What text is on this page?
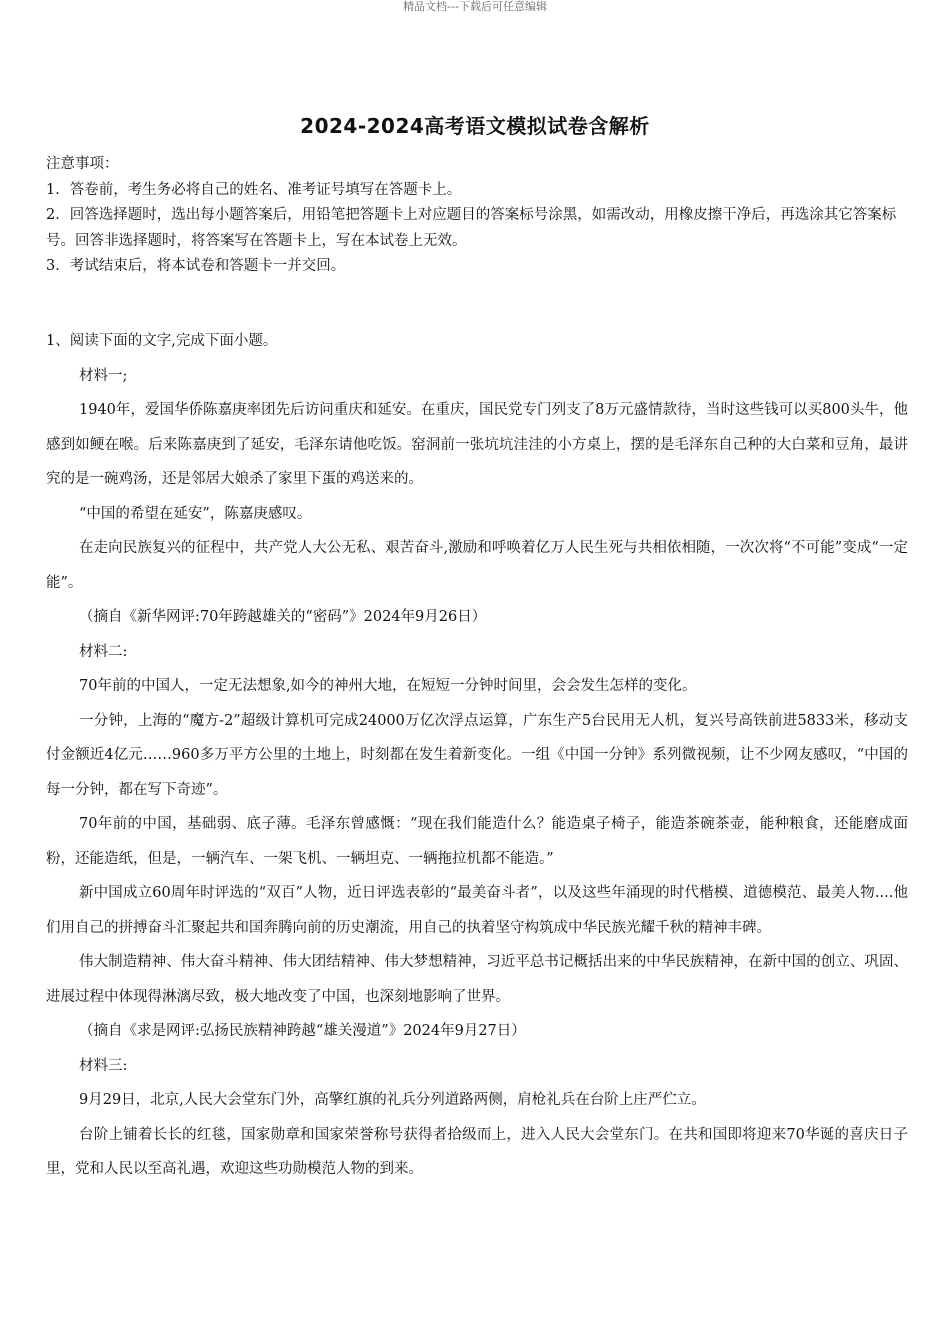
精品文档---下载后可任意编辑
2024-2024高考语文模拟试卷含解析

注意事项：

1．答卷前，考生务必将自己的姓名、准考证号填写在答题卡上。

2．回答选择题时，选出每小题答案后，用铅笔把答题卡上对应题目的答案标号涂黑，如需改动，用橡皮擦干净后，再选涂其它答案标号。回答非选择题时，将答案写在答题卡上，写在本试卷上无效。

3．考试结束后，将本试卷和答题卡一并交回。

1、阅读下面的文字,完成下面小题。

材料一;

1940年，爱国华侨陈嘉庚率团先后访问重庆和延安。在重庆，国民党专门列支了8万元盛情款待，当时这些钱可以买800头牛，他感到如鲠在喉。后来陈嘉庚到了延安，毛泽东请他吃饭。窑洞前一张坑坑洼洼的小方桌上，摆的是毛泽东自己种的大白菜和豆角，最讲究的是一碗鸡汤，还是邻居大娘杀了家里下蛋的鸡送来的。

“中国的希望在延安”，陈嘉庚感叹。

在走向民族复兴的征程中，共产党人大公无私、艰苦奋斗,激励和呼唤着亿万人民生死与共相依相随，一次次将“不可能”变成“一定能”。

（摘自《新华网评:70年跨越雄关的“密码”》2024年9月26日）

材料二:

70年前的中国人，一定无法想象,如今的神州大地，在短短一分钟时间里，会会发生怎样的变化。

一分钟，上海的“魔方-2”超级计算机可完成24000万亿次浮点运算，广东生产5台民用无人机，复兴号高铁前进5833米，移动支付金额近4亿元……960多万平方公里的土地上，时刻都在发生着新变化。一组《中国一分钟》系列微视频，让不少网友感叹，“中国的每一分钟，都在写下奇迹”。

70年前的中国，基础弱、底子薄。毛泽东曾感慨：“现在我们能造什么？能造桌子椅子，能造茶碗茶壶，能种粮食，还能磨成面粉，还能造纸，但是，一辆汽车、一架飞机、一辆坦克、一辆拖拉机都不能造。”

新中国成立60周年时评选的“双百”人物，近日评选表彰的“最美奋斗者”，以及这些年涌现的时代楷模、道德模范、最美人物....他们用自己的拼搏奋斗汇聚起共和国奔腾向前的历史潮流，用自己的执着坚守构筑成中华民族光耀千秋的精神丰碑。

伟大制造精神、伟大奋斗精神、伟大团结精神、伟大梦想精神，习近平总书记概括出来的中华民族精神，在新中国的创立、巩固、进展过程中体现得淋漓尽致，极大地改变了中国，也深刻地影响了世界。

（摘自《求是网评:弘扬民族精神跨越“雄关漫道”》2024年9月27日）

材料三:

9月29日，北京,人民大会堂东门外，高擎红旗的礼兵分列道路两侧，肩枪礼兵在台阶上庄严伫立。

台阶上铺着长长的红毯，国家勋章和国家荣誉称号获得者拾级而上，进入人民大会堂东门。在共和国即将迎来70华诞的喜庆日子里，党和人民以至高礼遇，欢迎这些功勋模范人物的到来。
